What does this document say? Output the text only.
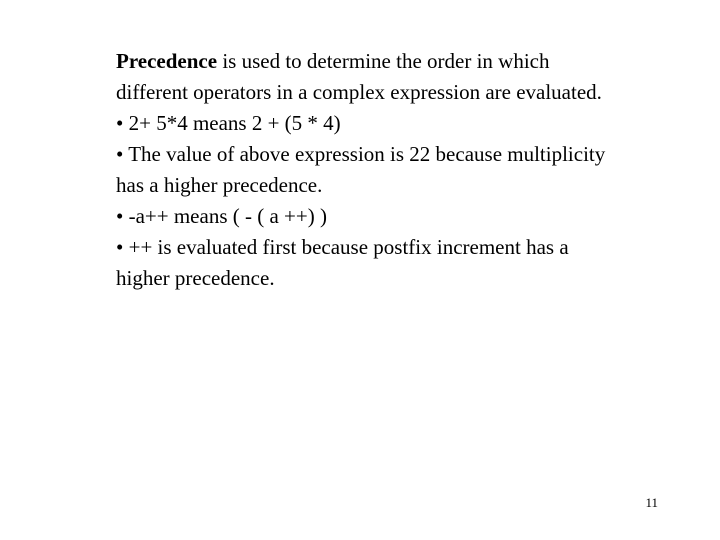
Precedence is used to determine the order in which different operators in a complex expression are evaluated.

• 2+ 5*4 means 2 + (5 * 4)

• The value of above expression is 22 because multiplicity has a higher precedence.

• -a++ means ( - ( a ++) )

• ++ is evaluated first because postfix increment has a higher precedence.

11
